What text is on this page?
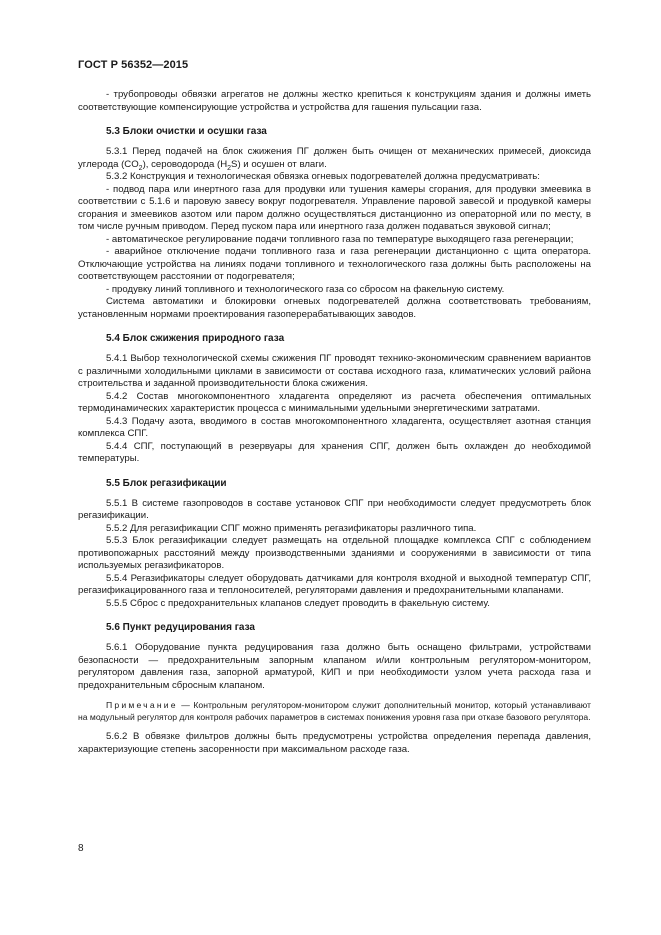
ГОСТ Р 56352—2015

- трубопроводы обвязки агрегатов не должны жестко крепиться к конструкциям здания и должны иметь соответствующие компенсирующие устройства и устройства для гашения пульсации газа.

5.3 Блоки очистки и осушки газа

5.3.1 Перед подачей на блок сжижения ПГ должен быть очищен от механических примесей, диоксида углерода $(CO_2)$, сероводорода $(H_2S)$ и осушен от влаги.

5.3.2 Конструкция и технологическая обвязка огневых подогревателей должна предусматривать:

- подвод пара или инертного газа для продувки или тушения камеры сгорания, для продувки змеевика в соответствии с 5.1.6 и паровую завесу вокруг подогревателя. Управление паровой завесой и продувкой камеры сгорания и змеевиков азотом или паром должно осуществляться дистанционно из операторной или по месту, в том числе ручным приводом. Перед пуском пара или инертного газа должен подаваться звуковой сигнал;

- автоматическое регулирование подачи топливного газа по температуре выходящего газа регенерации;

- аварийное отключение подачи топливного газа и газа регенерации дистанционно с щита оператора. Отключающие устройства на линиях подачи топливного и технологического газа должны быть расположены на соответствующем расстоянии от подогревателя;

- продувку линий топливного и технологического газа со сбросом на факельную систему.

Система автоматики и блокировки огневых подогревателей должна соответствовать требованиям, установленным нормами проектирования газоперерабатывающих заводов.

5.4 Блок сжижения природного газа

5.4.1 Выбор технологической схемы сжижения ПГ проводят технико-экономическим сравнением вариантов с различными холодильными циклами в зависимости от состава исходного газа, климатических условий района строительства и заданной производительности блока сжижения.

5.4.2 Состав многокомпонентного хладагента определяют из расчета обеспечения оптимальных термодинамических характеристик процесса с минимальными удельными энергетическими затратами.

5.4.3 Подачу азота, вводимого в состав многокомпонентного хладагента, осуществляет азотная станция комплекса СПГ.

5.4.4 СПГ, поступающий в резервуары для хранения СПГ, должен быть охлажден до необходимой температуры.

5.5 Блок регазификации

5.5.1 В системе газопроводов в составе установок СПГ при необходимости следует предусмотреть блок регазификации.

5.5.2 Для регазификации СПГ можно применять регазификаторы различного типа.

5.5.3 Блок регазификации следует размещать на отдельной площадке комплекса СПГ с соблюдением противопожарных расстояний между производственными зданиями и сооружениями в зависимости от типа используемых регазификаторов.

5.5.4 Регазификаторы следует оборудовать датчиками для контроля входной и выходной температур СПГ, регазификацированного газа и теплоносителей, регуляторами давления и предохранительными клапанами.

5.5.5 Сброс с предохранительных клапанов следует проводить в факельную систему.

5.6 Пункт редуцирования газа

5.6.1 Оборудование пункта редуцирования газа должно быть оснащено фильтрами, устройствами безопасности — предохранительным запорным клапаном и/или контрольным регулятором-монитором, регулятором давления газа, запорной арматурой, КИП и при необходимости узлом учета расхода газа и предохранительным сбросным клапаном.

Примечание — Контрольным регулятором-монитором служит дополнительный монитор, который устанавливают на модульный регулятор для контроля рабочих параметров в системах понижения уровня газа при отказе базового регулятора.

5.6.2 В обвязке фильтров должны быть предусмотрены устройства определения перепада давления, характеризующие степень засоренности при максимальном расходе газа.

8
